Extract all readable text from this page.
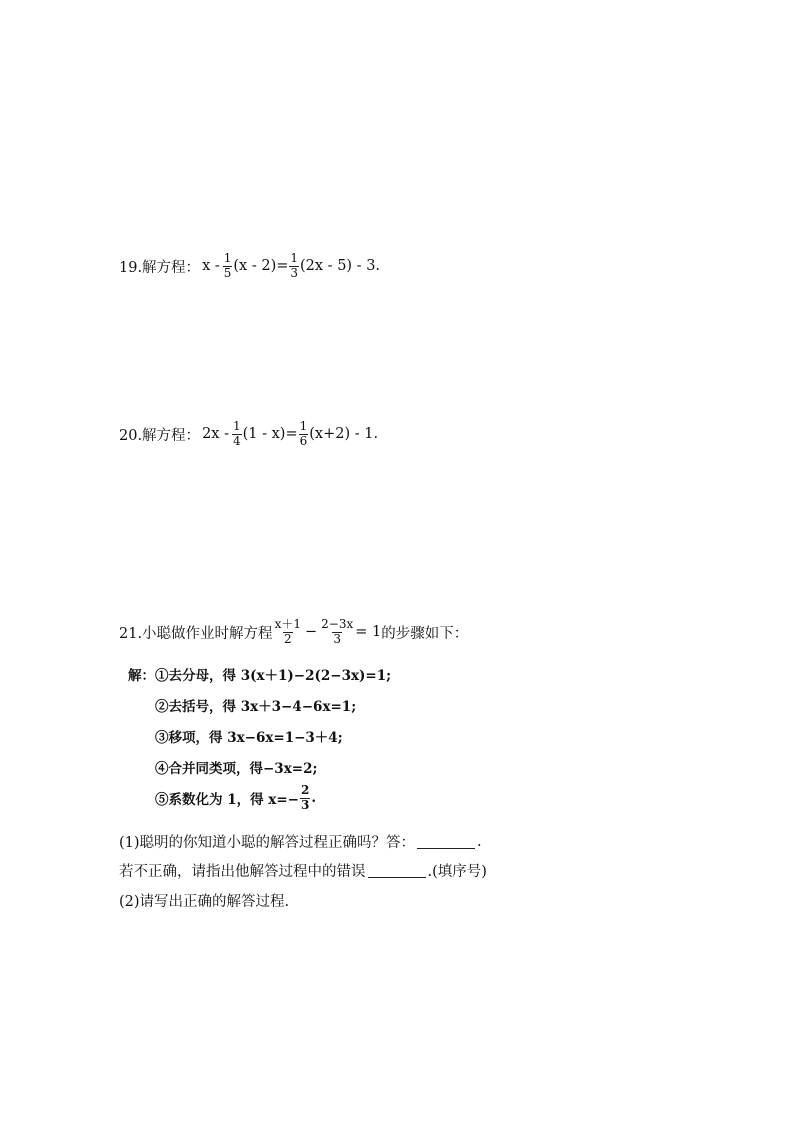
19.解方程： $x - \frac{1}{5} (x - 2)= \frac{1}{3} (2x - 5) - 3$.
20.解方程： $2x - \frac{1}{4} (1 - x)= \frac{1}{6} (x+2) - 1$.
21.小聪做作业时解方程 $\frac{x+1}{2} - \frac{2-3x}{3} = 1$ 的步骤如下：
解：①去分母，得 3(x＋1)−2(2−3x)=1;
②去括号，得 3x＋3−4−6x=1;
③移项，得 3x−6x=1−3＋4;
④合并同类项，得−3x=2;
⑤系数化为 1，得 $x=- \frac{2}{3}$ .
(1)聪明的你知道小聪的解答过程正确吗？答：	.
若不正确，请指出他解答过程中的错误	.(填序号)
(2)请写出正确的解答过程.
